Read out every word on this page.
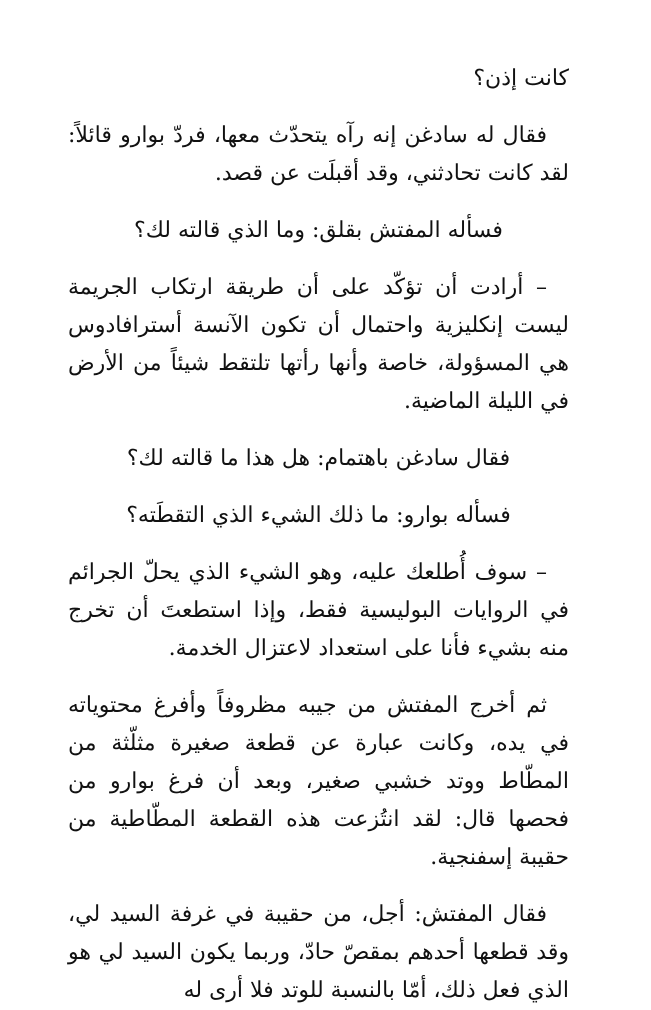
كانت إذن؟

فقال له سادغن إنه رآه يتحدّث معها، فردّ بوارو قائلاً: لقد كانت تحادثني، وقد أقبلَت عن قصد.

فسأله المفتش بقلق: وما الذي قالته لك؟

– أرادت أن تؤكّد على أن طريقة ارتكاب الجريمة ليست إنكليزية واحتمال أن تكون الآنسة أسترافادوس هي المسؤولة، خاصة وأنها رأتها تلتقط شيئاً من الأرض في الليلة الماضية.

فقال سادغن باهتمام: هل هذا ما قالته لك؟

فسأله بوارو: ما ذلك الشيء الذي التقطَته؟

– سوف أُطلعك عليه، وهو الشيء الذي يحلّ الجرائم في الروايات البوليسية فقط، وإذا استطعتَ أن تخرج منه بشيء فأنا على استعداد لاعتزال الخدمة.

ثم أخرج المفتش من جيبه مظروفاً وأفرغ محتوياته في يده، وكانت عبارة عن قطعة صغيرة مثلّثة من المطّاط ووتد خشبي صغير، وبعد أن فرغ بوارو من فحصها قال: لقد انتُزعت هذه القطعة المطّاطية من حقيبة إسفنجية.

فقال المفتش: أجل، من حقيبة في غرفة السيد لي، وقد قطعها أحدهم بمقصّ حادّ، وربما يكون السيد لي هو الذي فعل ذلك، أمّا بالنسبة للوتد فلا أرى له
